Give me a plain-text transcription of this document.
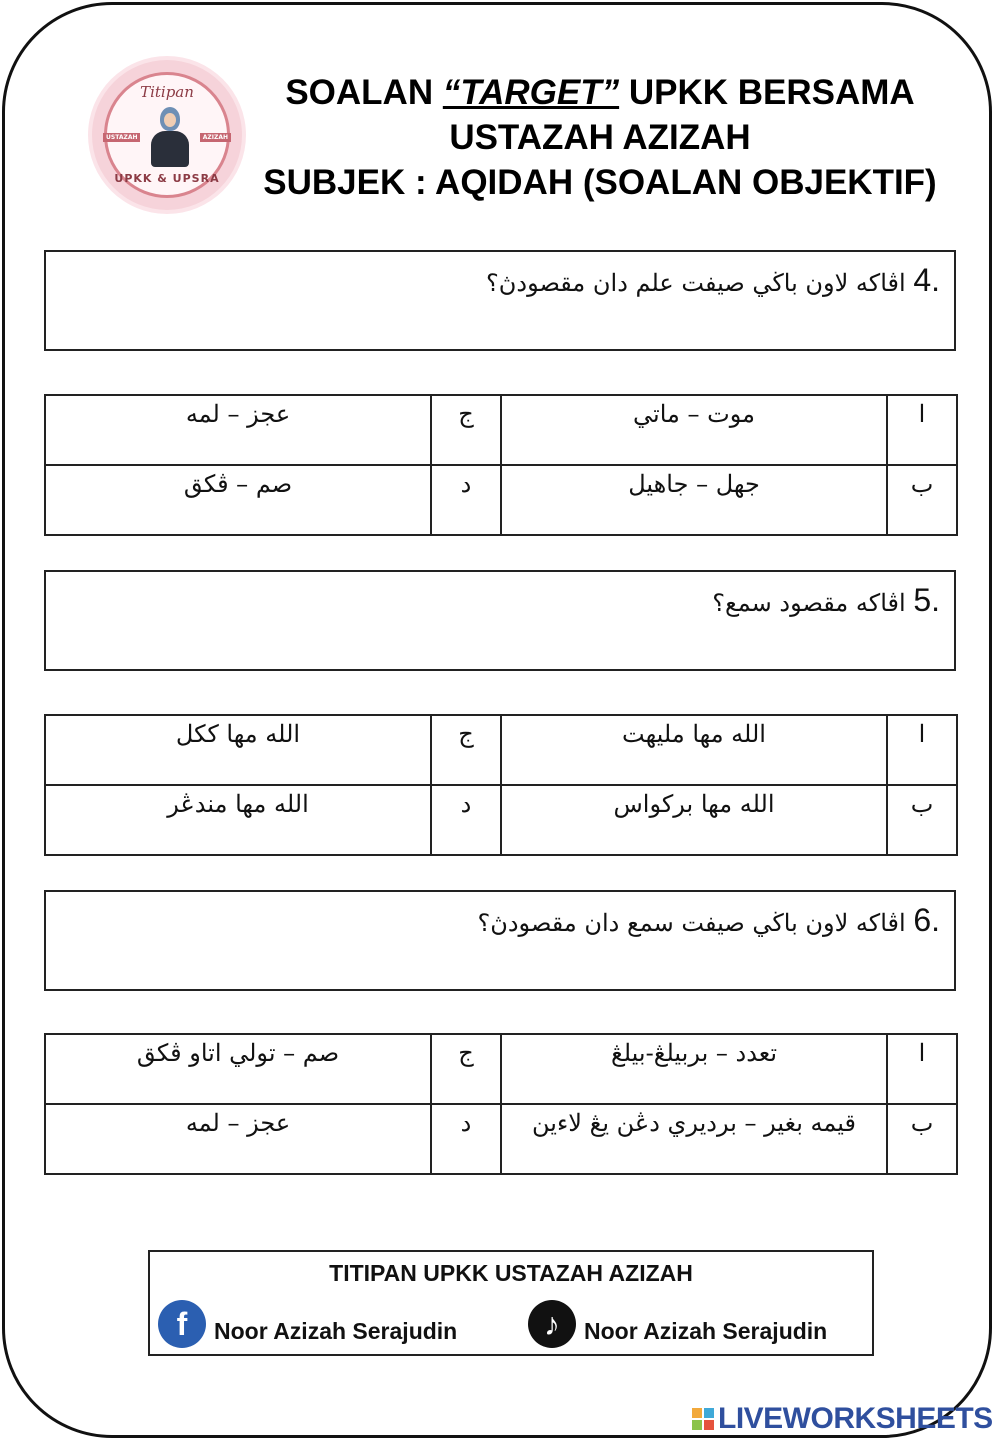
Titipan
USTAZAH	AZIZAH
UPKK & UPSRA
SOALAN “TARGET” UPKK BERSAMA
USTAZAH AZIZAH
SUBJEK : AQIDAH (SOALAN OBJEKTIF)
4. اڤاكه لاون باڬي صيفت علم دان مقصودڽ؟
عجز – لمه	ج	موت – ماتي	ا
صم – ڤكق	د	جهل – جاهيل	ب
5. اڤاكه مقصود سمع؟
الله مها ككل	ج	الله مها مليهت	ا
الله مها مندڠر	د	الله مها بركواس	ب
6. اڤاكه لاون باڬي صيفت سمع دان مقصودڽ؟
صم – تولي اتاو ڤكق	ج	تعدد – بربيلڠ-بيلڠ	ا
عجز – لمه	د	قيمه بغير – برديري دڠن يڠ لاءين	ب
TITIPAN UPKK USTAZAH AZIZAH
f	Noor Azizah Serajudin	♪	Noor Azizah Serajudin
LIVEWORKSHEETS
